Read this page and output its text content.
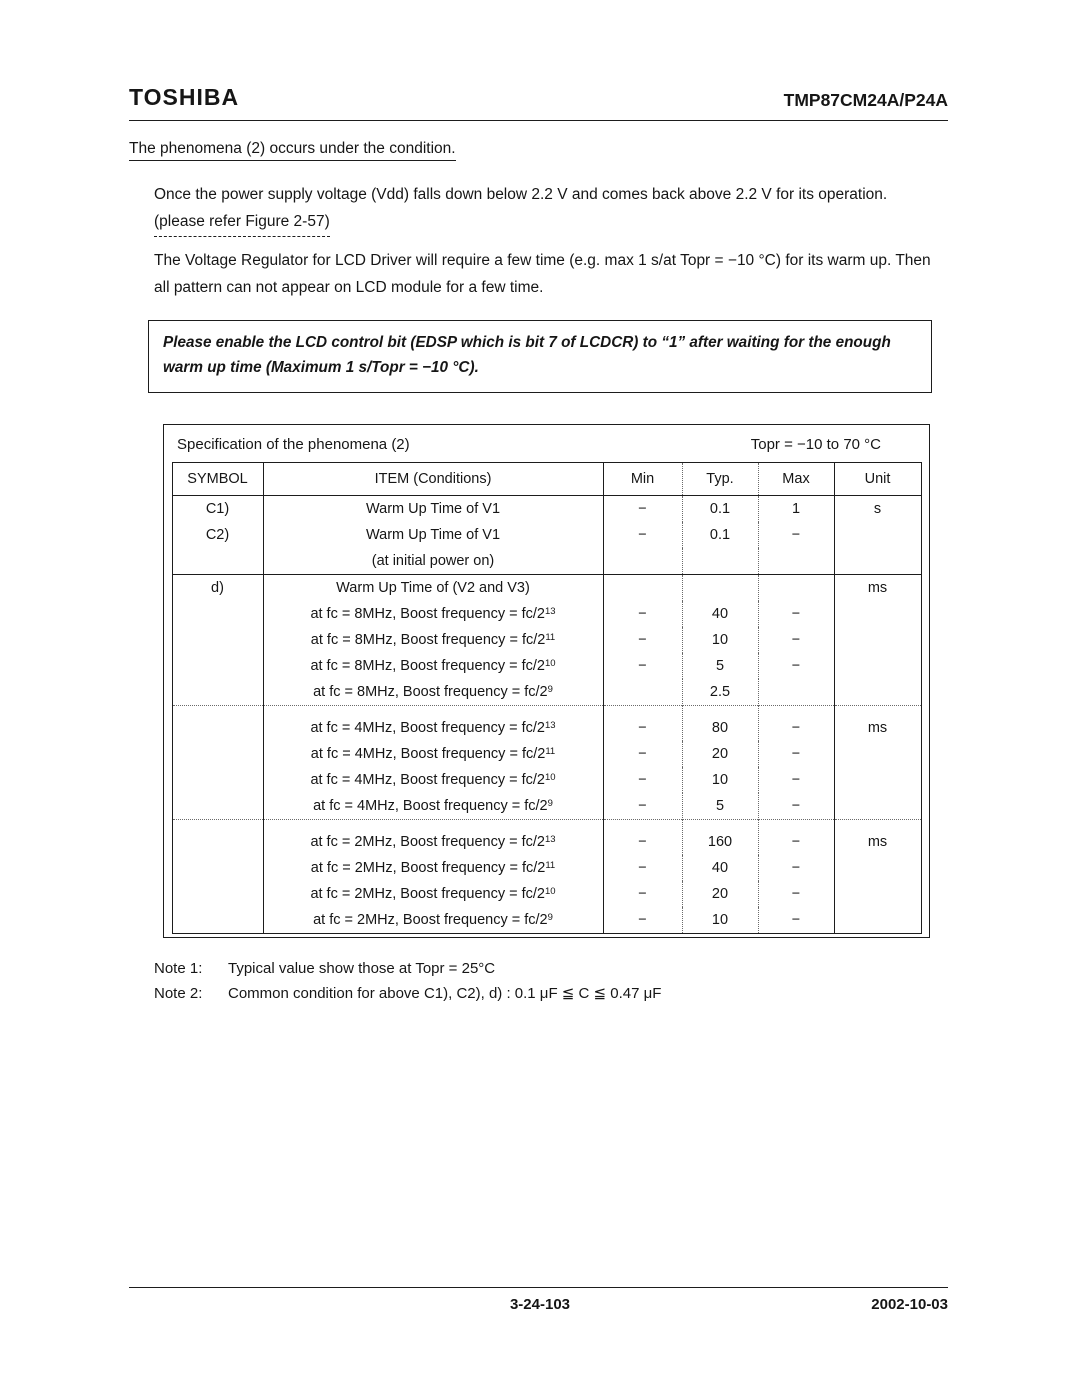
TOSHIBA	TMP87CM24A/P24A
The phenomena (2) occurs under the condition.
Once the power supply voltage (Vdd) falls down below 2.2 V and comes back above 2.2 V for its operation.
(please refer Figure 2-57)
The Voltage Regulator for LCD Driver will require a few time (e.g. max 1 s/at Topr = −10 °C) for its warm up. Then all pattern can not appear on LCD module for a few time.
Please enable the LCD control bit (EDSP which is bit 7 of LCDCR) to “1” after waiting for the enough warm up time (Maximum 1 s/Topr = −10 °C).
Specification of the phenomena (2)	Topr = −10 to 70 °C
SYMBOL	ITEM (Conditions)	Min	Typ.	Max	Unit
C1)	Warm Up Time of V1	−	0.1	1	s
C2)	Warm Up Time of V1	−	0.1	−	
	(at initial power on)				
d)	Warm Up Time of (V2 and V3)				ms
	at fc = 8MHz, Boost frequency = $fc/2^{13}$	−	40	−	
	at fc = 8MHz, Boost frequency = $fc/2^{11}$	−	10	−	
	at fc = 8MHz, Boost frequency = $fc/2^{10}$	−	5	−	
	at fc = 8MHz, Boost frequency = $fc/2^9$		2.5		
	at fc = 4MHz, Boost frequency = $fc/2^{13}$	−	80	−	ms
	at fc = 4MHz, Boost frequency = $fc/2^{11}$	−	20	−	
	at fc = 4MHz, Boost frequency = $fc/2^{10}$	−	10	−	
	at fc = 4MHz, Boost frequency = $fc/2^9$	−	5	−	
	at fc = 2MHz, Boost frequency = $fc/2^{13}$	−	160	−	ms
	at fc = 2MHz, Boost frequency = $fc/2^{11}$	−	40	−	
	at fc = 2MHz, Boost frequency = $fc/2^{10}$	−	20	−	
	at fc = 2MHz, Boost frequency = $fc/2^9$	−	10	−	
Note 1:	Typical value show those at Topr = 25°C
Note 2:	Common condition for above C1), C2), d) : 0.1 μF ≦ C ≦ 0.47 μF
3-24-103	2002-10-03
